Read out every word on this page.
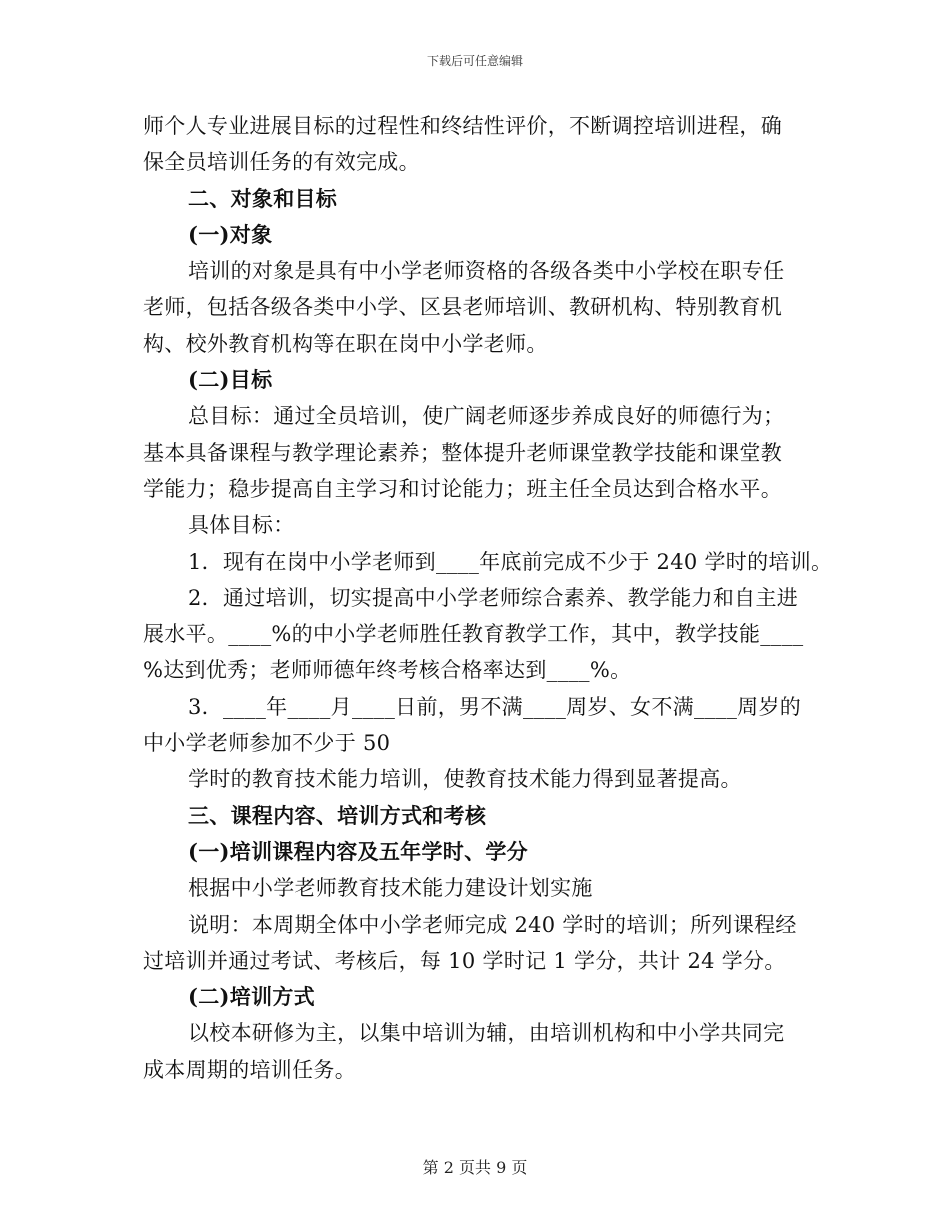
下载后可任意编辑
师个人专业进展目标的过程性和终结性评价，不断调控培训进程，确
保全员培训任务的有效完成。
二、对象和目标
(一)对象
培训的对象是具有中小学老师资格的各级各类中小学校在职专任
老师，包括各级各类中小学、区县老师培训、教研机构、特别教育机
构、校外教育机构等在职在岗中小学老师。
(二)目标
总目标：通过全员培训，使广阔老师逐步养成良好的师德行为；
基本具备课程与教学理论素养；整体提升老师课堂教学技能和课堂教
学能力；稳步提高自主学习和讨论能力；班主任全员达到合格水平。
具体目标：
1．现有在岗中小学老师到____年底前完成不少于 240 学时的培训。
2．通过培训，切实提高中小学老师综合素养、教学能力和自主进
展水平。____%的中小学老师胜任教育教学工作，其中，教学技能____
%达到优秀；老师师德年终考核合格率达到____%。
3．____年____月____日前，男不满____周岁、女不满____周岁的
中小学老师参加不少于 50
学时的教育技术能力培训，使教育技术能力得到显著提高。
三、课程内容、培训方式和考核
(一)培训课程内容及五年学时、学分
根据中小学老师教育技术能力建设计划实施
说明：本周期全体中小学老师完成 240 学时的培训；所列课程经
过培训并通过考试、考核后，每 10 学时记 1 学分，共计 24 学分。
(二)培训方式
以校本研修为主，以集中培训为辅，由培训机构和中小学共同完
成本周期的培训任务。
第 2 页共 9 页
